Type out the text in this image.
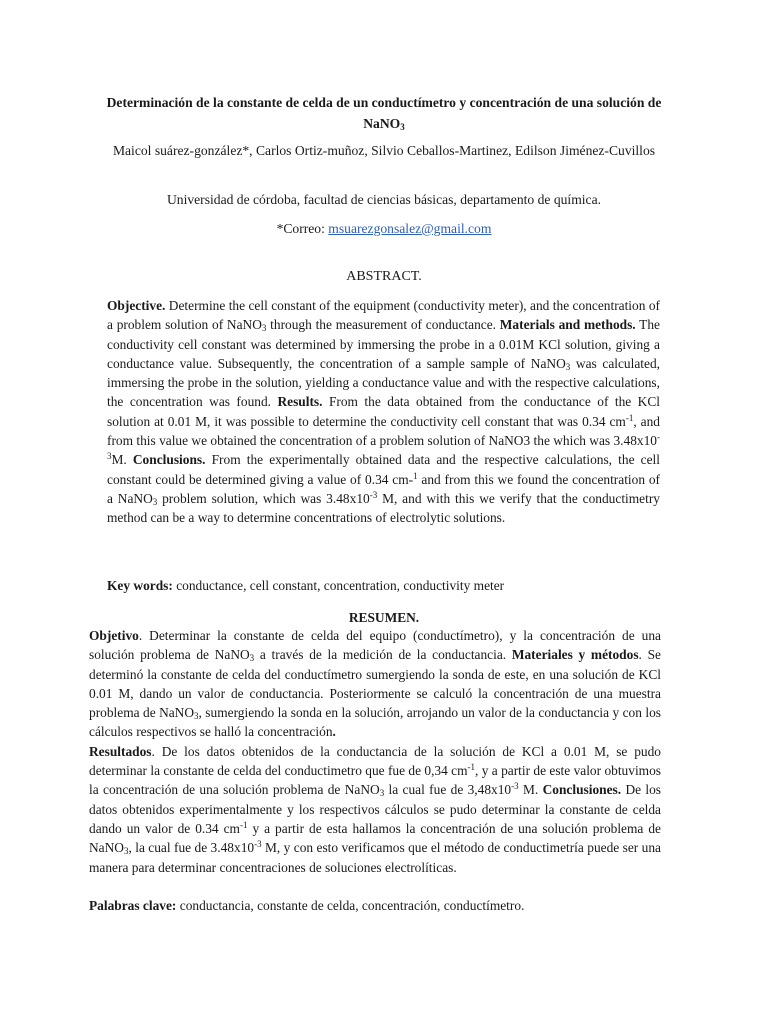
Determinación de la constante de celda de un conductímetro y concentración de una solución de NaNO$_3$
Maicol suárez-gonzález*, Carlos Ortiz-muñoz, Silvio Ceballos-Martinez, Edilson Jiménez-Cuvillos
Universidad de córdoba, facultad de ciencias básicas, departamento de química.
*Correo: msuarezgonsalez@gmail.com
ABSTRACT.
Objective. Determine the cell constant of the equipment (conductivity meter), and the concentration of a problem solution of NaNO$_3$ through the measurement of conductance. Materials and methods. The conductivity cell constant was determined by immersing the probe in a 0.01M KCl solution, giving a conductance value. Subsequently, the concentration of a sample sample of NaNO$_3$ was calculated, immersing the probe in the solution, yielding a conductance value and with the respective calculations, the concentration was found. Results. From the data obtained from the conductance of the KCl solution at 0.01 M, it was possible to determine the conductivity cell constant that was 0.34 $cm^{-1}$, and from this value we obtained the concentration of a problem solution of NaNO3 the which was $3.48x10^{-3}M$. Conclusions. From the experimentally obtained data and the respective calculations, the cell constant could be determined giving a value of 0.34 cm-$^1$ and from this we found the concentration of a NaNO$_3$ problem solution, which was $3.48x10^{-3}$ M, and with this we verify that the conductimetry method can be a way to determine concentrations of electrolytic solutions.
Key words: conductance, cell constant, concentration, conductivity meter
RESUMEN.
Objetivo. Determinar la constante de celda del equipo (conductímetro), y la concentración de una solución problema de NaNO$_3$ a través de la medición de la conductancia. Materiales y métodos. Se determinó la constante de celda del conductímetro sumergiendo la sonda de este, en una solución de KCl 0.01 M, dando un valor de conductancia. Posteriormente se calculó la concentración de una muestra problema de NaNO$_3$, sumergiendo la sonda en la solución, arrojando un valor de la conductancia y con los cálculos respectivos se halló la concentración.
Resultados. De los datos obtenidos de la conductancia de la solución de KCl a 0.01 M, se pudo determinar la constante de celda del conductimetro que fue de 0,34 $cm^{-1}$, y a partir de este valor obtuvimos la concentración de una solución problema de NaNO$_3$ la cual fue de $3,48x10^{-3}$ M. Conclusiones. De los datos obtenidos experimentalmente y los respectivos cálculos se pudo determinar la constante de celda dando un valor de 0.34 $cm^{-1}$ y a partir de esta hallamos la concentración de una solución problema de NaNO$_3$, la cual fue de $3.48x10^{-3}$ M, y con esto verificamos que el método de conductimetría puede ser una manera para determinar concentraciones de soluciones electrolíticas.
Palabras clave: conductancia, constante de celda, concentración, conductímetro.
